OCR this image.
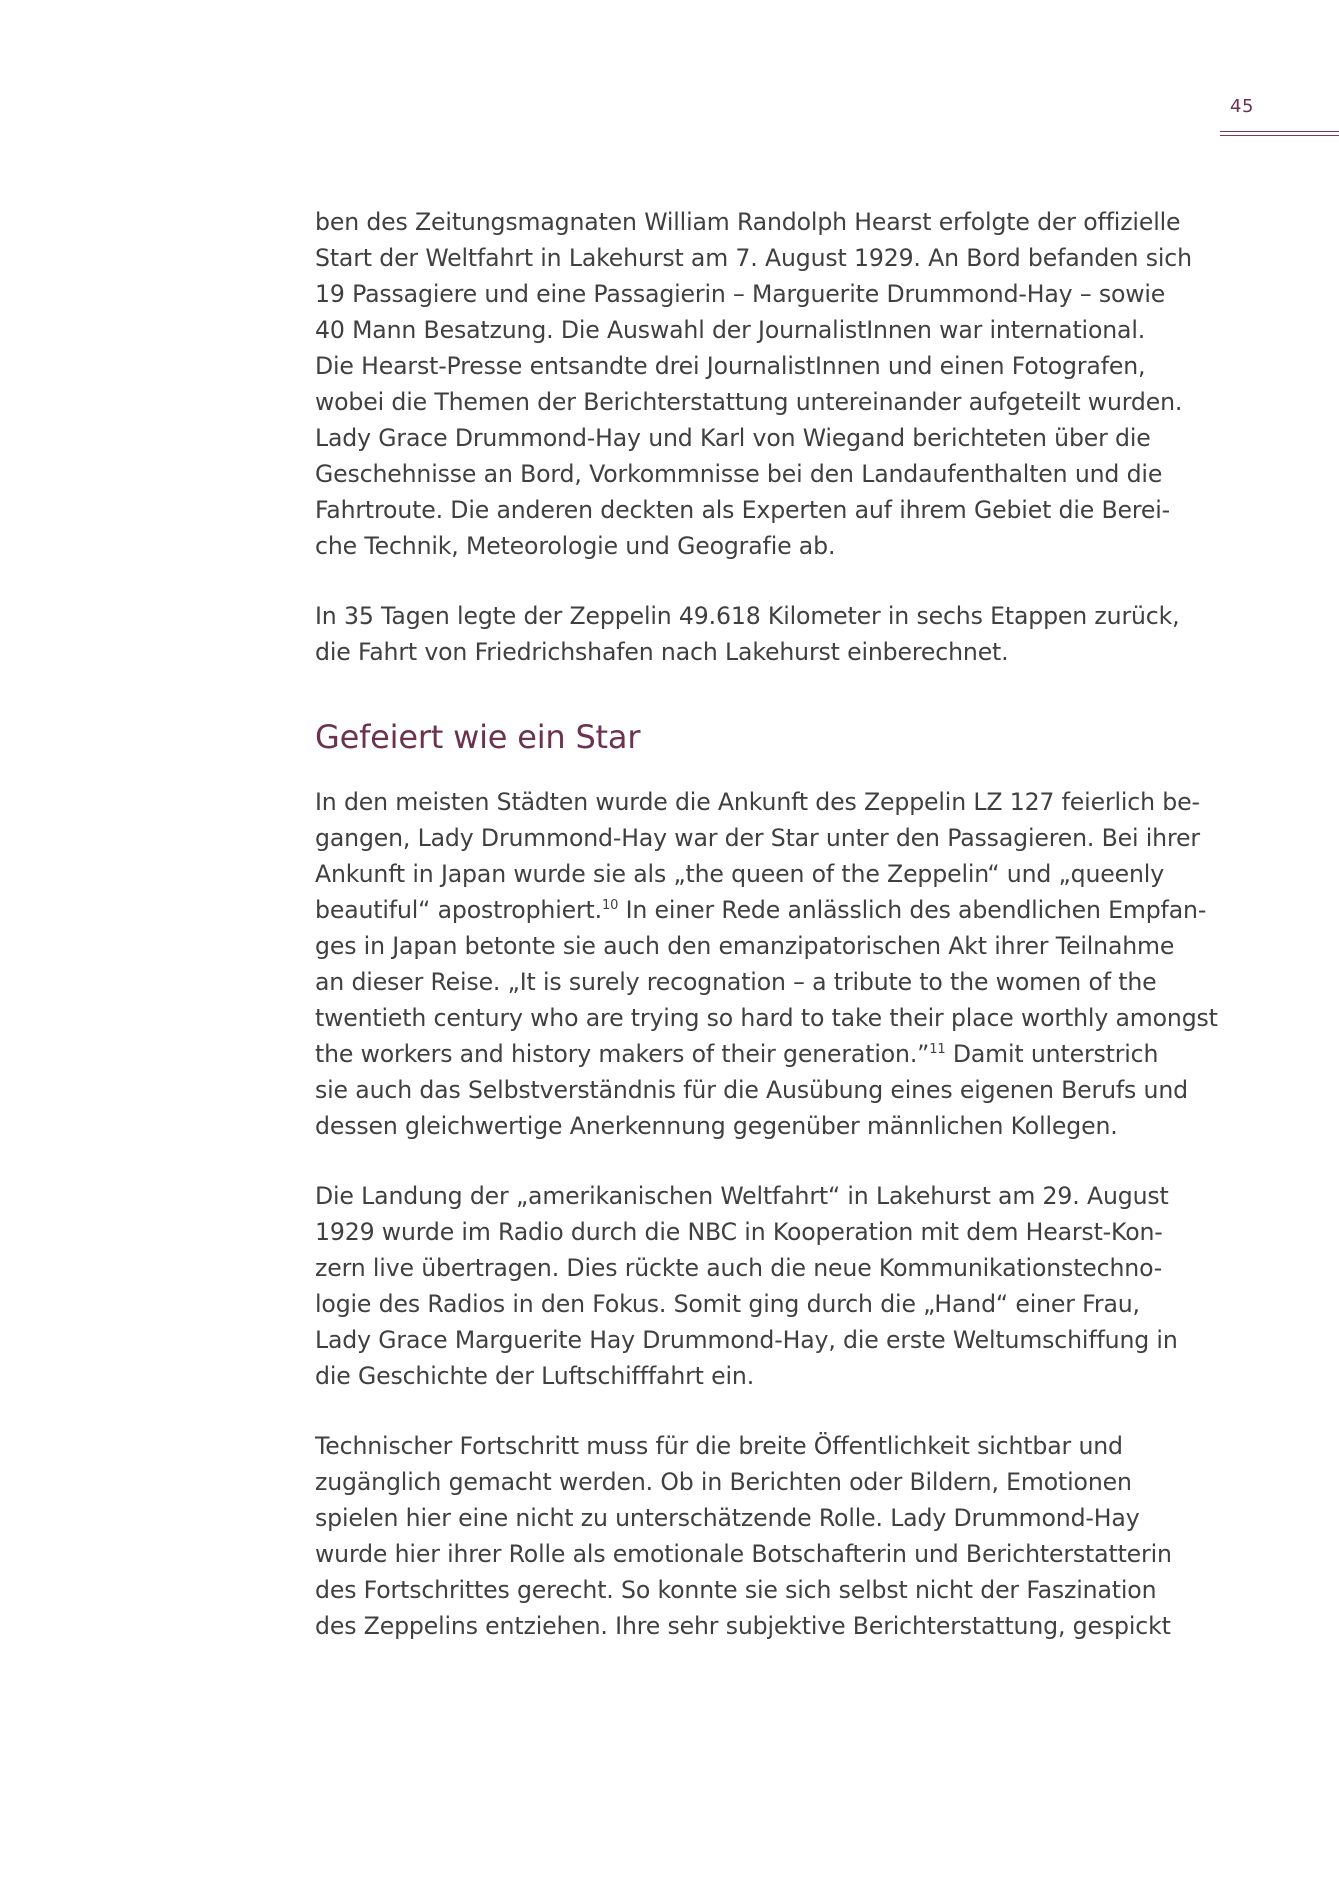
45
ben des Zeitungsmagnaten William Randolph Hearst erfolgte der offizielle
Start der Weltfahrt in Lakehurst am 7. August 1929. An Bord befanden sich
19 Passagiere und eine Passagierin – Marguerite Drummond-Hay – sowie
40 Mann Besatzung. Die Auswahl der JournalistInnen war international.
Die Hearst-Presse entsandte drei JournalistInnen und einen Fotografen,
wobei die Themen der Berichterstattung untereinander aufgeteilt wurden.
Lady Grace Drummond-Hay und Karl von Wiegand berichteten über die
Geschehnisse an Bord, Vorkommnisse bei den Landaufenthalten und die
Fahrtroute. Die anderen deckten als Experten auf ihrem Gebiet die Berei-
che Technik, Meteorologie und Geografie ab.
In 35 Tagen legte der Zeppelin 49.618 Kilometer in sechs Etappen zurück,
die Fahrt von Friedrichshafen nach Lakehurst einberechnet.
Gefeiert wie ein Star
In den meisten Städten wurde die Ankunft des Zeppelin LZ 127 feierlich be-
gangen, Lady Drummond-Hay war der Star unter den Passagieren. Bei ihrer
Ankunft in Japan wurde sie als „the queen of the Zeppelin“ und „queenly
beautiful“ apostrophiert.$^{10}$ In einer Rede anlässlich des abendlichen Empfan-
ges in Japan betonte sie auch den emanzipatorischen Akt ihrer Teilnahme
an dieser Reise. „It is surely recognation – a tribute to the women of the
twentieth century who are trying so hard to take their place worthly amongst
the workers and history makers of their generation.”$^{11}$ Damit unterstrich
sie auch das Selbstverständnis für die Ausübung eines eigenen Berufs und
dessen gleichwertige Anerkennung gegenüber männlichen Kollegen.
Die Landung der „amerikanischen Weltfahrt“ in Lakehurst am 29. August
1929 wurde im Radio durch die NBC in Kooperation mit dem Hearst-Kon-
zern live übertragen. Dies rückte auch die neue Kommunikationstechno-
logie des Radios in den Fokus. Somit ging durch die „Hand“ einer Frau,
Lady Grace Marguerite Hay Drummond-Hay, die erste Weltumschiffung in
die Geschichte der Luftschifffahrt ein.
Technischer Fortschritt muss für die breite Öffentlichkeit sichtbar und
zugänglich gemacht werden. Ob in Berichten oder Bildern, Emotionen
spielen hier eine nicht zu unterschätzende Rolle. Lady Drummond-Hay
wurde hier ihrer Rolle als emotionale Botschafterin und Berichterstatterin
des Fortschrittes gerecht. So konnte sie sich selbst nicht der Faszination
des Zeppelins entziehen. Ihre sehr subjektive Berichterstattung, gespickt
